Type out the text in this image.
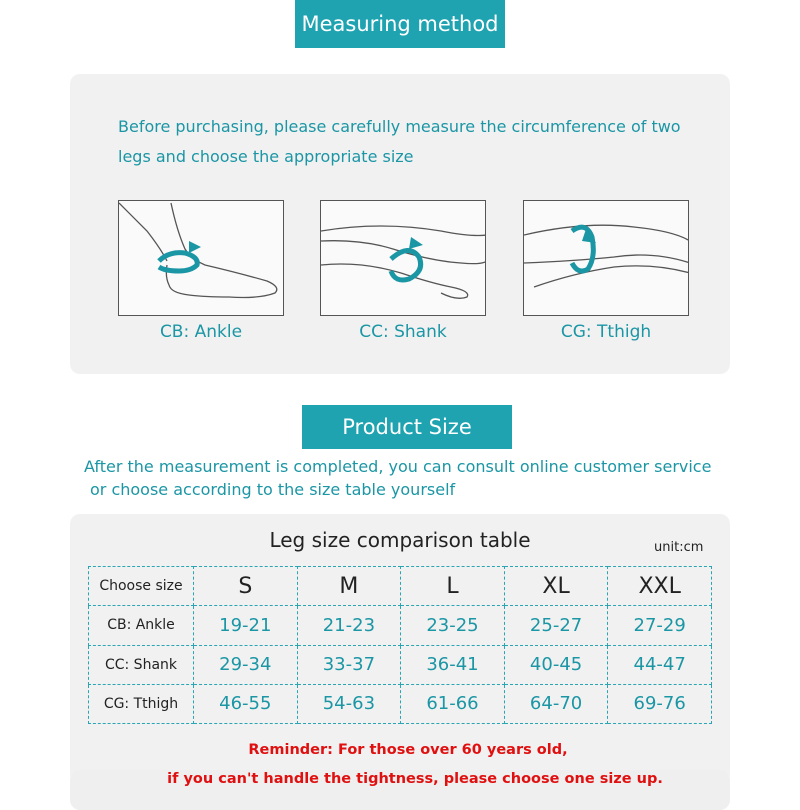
Measuring method
Before purchasing, please carefully measure the circumference of two
legs and choose the appropriate size
CB: Ankle	CC: Shank	CG: Tthigh
Product Size
After the measurement is completed, you can consult online customer service
or choose according to the size table yourself
Leg size comparison table	unit:cm
Choose size	S	M	L	XL	XXL
CB: Ankle	19-21	21-23	23-25	25-27	27-29
CC: Shank	29-34	33-37	36-41	40-45	44-47
CG: Tthigh	46-55	54-63	61-66	64-70	69-76
Reminder: For those over 60 years old,
if you can't handle the tightness, please choose one size up.
